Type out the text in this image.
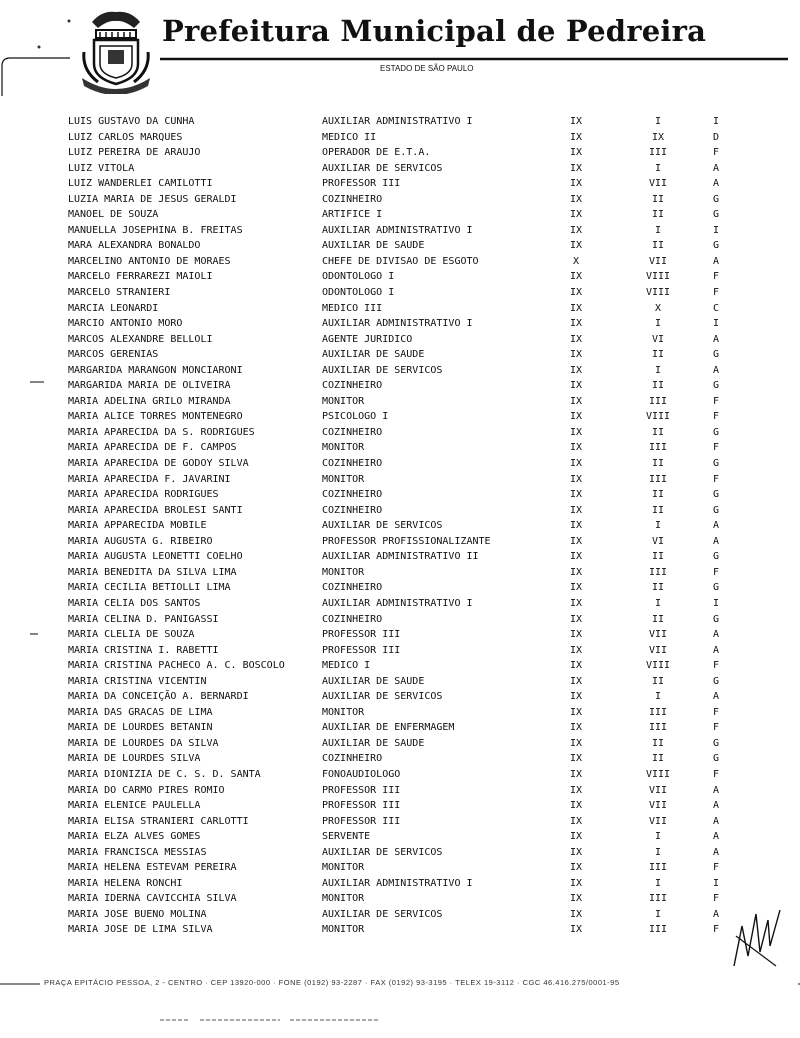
Prefeitura Municipal de Pedreira
ESTADO DE SÃO PAULO
LUIS GUSTAVO DA CUNHA	AUXILIAR ADMINISTRATIVO I	IX	I	I
LUIZ CARLOS MARQUES	MEDICO II	IX	IX	D
LUIZ PEREIRA DE ARAUJO	OPERADOR DE E.T.A.	IX	III	F
LUIZ VITOLA	AUXILIAR DE SERVICOS	IX	I	A
LUIZ WANDERLEI CAMILOTTI	PROFESSOR III	IX	VII	A
LUZIA MARIA DE JESUS GERALDI	COZINHEIRO	IX	II	G
MANOEL DE SOUZA	ARTIFICE I	IX	II	G
MANUELLA JOSEPHINA B. FREITAS	AUXILIAR ADMINISTRATIVO I	IX	I	I
MARA ALEXANDRA BONALDO	AUXILIAR DE SAUDE	IX	II	G
MARCELINO ANTONIO DE MORAES	CHEFE DE DIVISAO DE ESGOTO	X	VII	A
MARCELO FERRAREZI MAIOLI	ODONTOLOGO I	IX	VIII	F
MARCELO STRANIERI	ODONTOLOGO I	IX	VIII	F
MARCIA LEONARDI	MEDICO III	IX	X	C
MARCIO ANTONIO MORO	AUXILIAR ADMINISTRATIVO I	IX	I	I
MARCOS ALEXANDRE BELLOLI	AGENTE JURIDICO	IX	VI	A
MARCOS GERENIAS	AUXILIAR DE SAUDE	IX	II	G
MARGARIDA MARANGON MONCIARONI	AUXILIAR DE SERVICOS	IX	I	A
MARGARIDA MARIA DE OLIVEIRA	COZINHEIRO	IX	II	G
MARIA ADELINA GRILO MIRANDA	MONITOR	IX	III	F
MARIA ALICE TORRES MONTENEGRO	PSICOLOGO I	IX	VIII	F
MARIA APARECIDA DA S. RODRIGUES	COZINHEIRO	IX	II	G
MARIA APARECIDA DE F. CAMPOS	MONITOR	IX	III	F
MARIA APARECIDA DE GODOY SILVA	COZINHEIRO	IX	II	G
MARIA APARECIDA F. JAVARINI	MONITOR	IX	III	F
MARIA APARECIDA RODRIGUES	COZINHEIRO	IX	II	G
MARIA APARECIDA BROLESI SANTI	COZINHEIRO	IX	II	G
MARIA APPARECIDA MOBILE	AUXILIAR DE SERVICOS	IX	I	A
MARIA AUGUSTA G. RIBEIRO	PROFESSOR PROFISSIONALIZANTE	IX	VI	A
MARIA AUGUSTA LEONETTI COELHO	AUXILIAR ADMINISTRATIVO II	IX	II	G
MARIA BENEDITA DA SILVA LIMA	MONITOR	IX	III	F
MARIA CECILIA BETIOLLI LIMA	COZINHEIRO	IX	II	G
MARIA CELIA DOS SANTOS	AUXILIAR ADMINISTRATIVO I	IX	I	I
MARIA CELINA D. PANIGASSI	COZINHEIRO	IX	II	G
MARIA CLELIA DE SOUZA	PROFESSOR III	IX	VII	A
MARIA CRISTINA I. RABETTI	PROFESSOR III	IX	VII	A
MARIA CRISTINA PACHECO A. C. BOSCOLO	MEDICO I	IX	VIII	F
MARIA CRISTINA VICENTIN	AUXILIAR DE SAUDE	IX	II	G
MARIA DA CONCEIÇÃO A. BERNARDI	AUXILIAR DE SERVICOS	IX	I	A
MARIA DAS GRACAS DE LIMA	MONITOR	IX	III	F
MARIA DE LOURDES BETANIN	AUXILIAR DE ENFERMAGEM	IX	III	F
MARIA DE LOURDES DA SILVA	AUXILIAR DE SAUDE	IX	II	G
MARIA DE LOURDES SILVA	COZINHEIRO	IX	II	G
MARIA DIONIZIA DE C. S. D. SANTA	FONOAUDIOLOGO	IX	VIII	F
MARIA DO CARMO PIRES ROMIO	PROFESSOR III	IX	VII	A
MARIA ELENICE PAULELLA	PROFESSOR III	IX	VII	A
MARIA ELISA STRANIERI CARLOTTI	PROFESSOR III	IX	VII	A
MARIA ELZA ALVES GOMES	SERVENTE	IX	I	A
MARIA FRANCISCA MESSIAS	AUXILIAR DE SERVICOS	IX	I	A
MARIA HELENA ESTEVAM PEREIRA	MONITOR	IX	III	F
MARIA HELENA RONCHI	AUXILIAR ADMINISTRATIVO I	IX	I	I
MARIA IDERNA CAVICCHIA SILVA	MONITOR	IX	III	F
MARIA JOSE BUENO MOLINA	AUXILIAR DE SERVICOS	IX	I	A
MARIA JOSE DE LIMA SILVA	MONITOR	IX	III	F
PRAÇA EPITÁCIO PESSOA, 2 - CENTRO · CEP 13920-000 · FONE (0192) 93-2287 · FAX (0192) 93-3195 · TELEX 19-3112 · CGC 46.416.275/0001-95
